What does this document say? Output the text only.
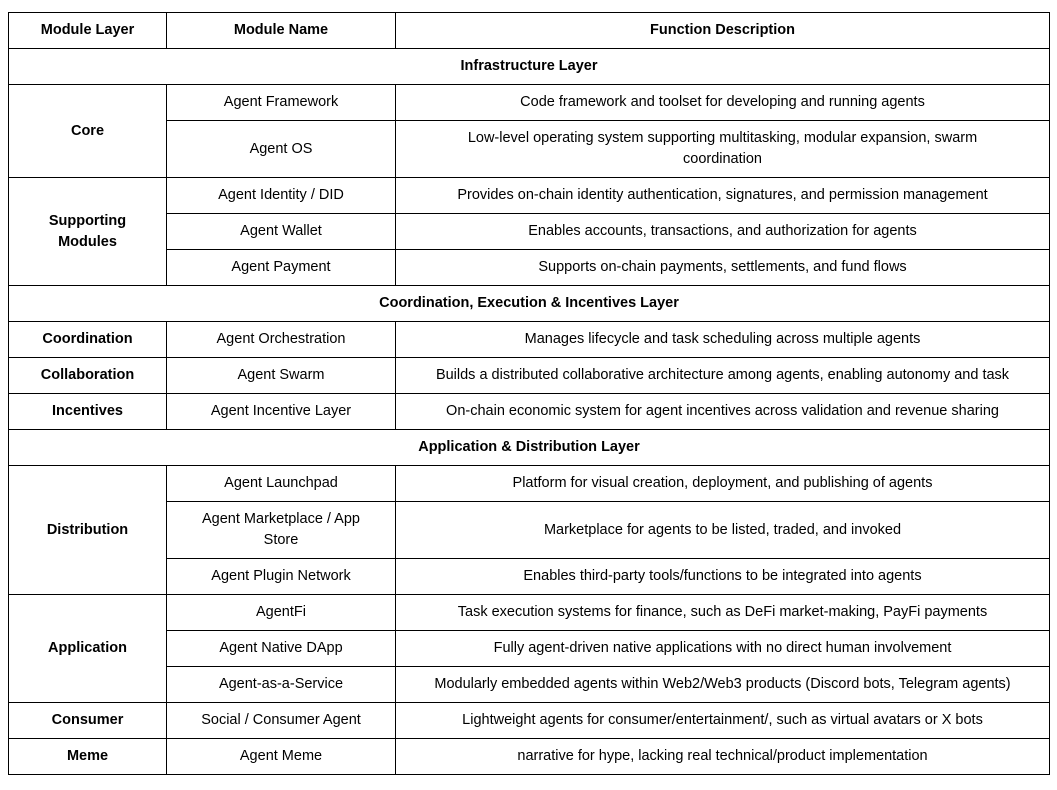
Module Layer	Module Name	Function Description
Infrastructure Layer		
Core	Agent Framework	Code framework and toolset for developing and running agents
	Agent OS	Low-level operating system supporting multitasking, modular expansion, swarm coordination
Supporting Modules	Agent Identity / DID	Provides on-chain identity authentication, signatures, and permission management
	Agent Wallet	Enables accounts, transactions, and authorization for agents
	Agent Payment	Supports on-chain payments, settlements, and fund flows
Coordination, Execution & Incentives Layer		
Coordination	Agent Orchestration	Manages lifecycle and task scheduling across multiple agents
Collaboration	Agent Swarm	Builds a distributed collaborative architecture among agents, enabling autonomy and task
Incentives	Agent Incentive Layer	On-chain economic system for agent incentives across validation and revenue sharing
Application & Distribution Layer		
Distribution	Agent Launchpad	Platform for visual creation, deployment, and publishing of agents
	Agent Marketplace / App Store	Marketplace for agents to be listed, traded, and invoked
	Agent Plugin Network	Enables third-party tools/functions to be integrated into agents
Application	AgentFi	Task execution systems for finance, such as DeFi market-making, PayFi payments
	Agent Native DApp	Fully agent-driven native applications with no direct human involvement
	Agent-as-a-Service	Modularly embedded agents within Web2/Web3 products (Discord bots, Telegram agents)
Consumer	Social / Consumer Agent	Lightweight agents for consumer/entertainment/, such as virtual avatars or X bots
Meme	Agent Meme	narrative for hype, lacking real technical/product implementation
